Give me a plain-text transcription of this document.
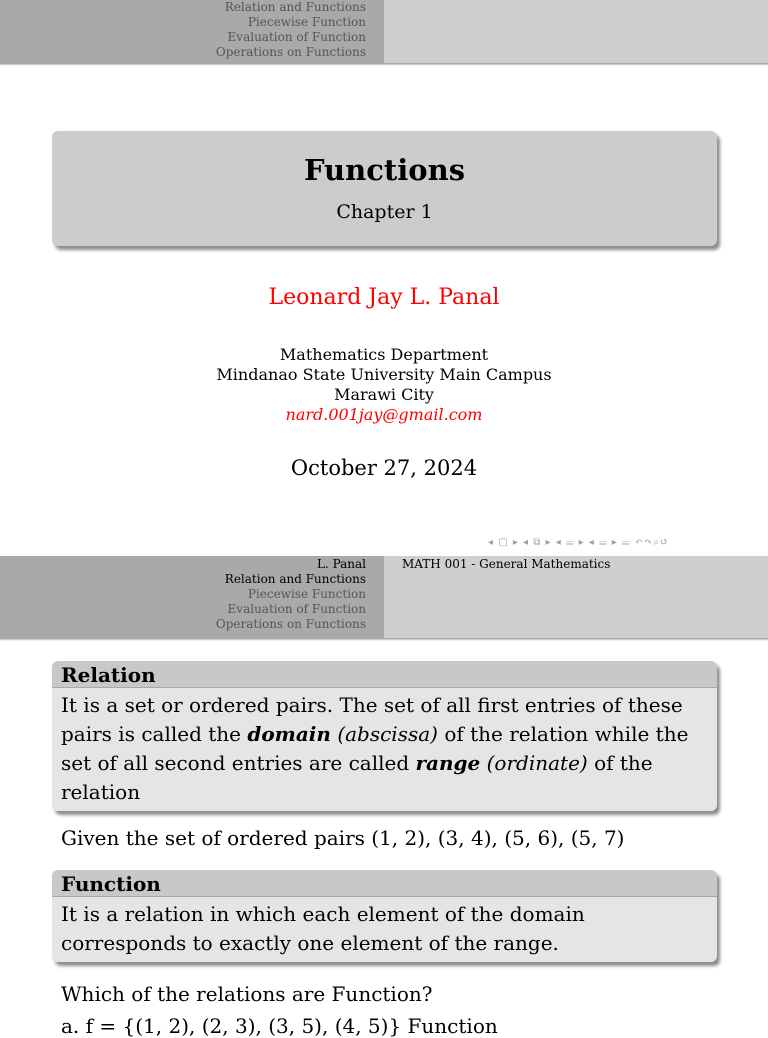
Relation and Functions
Piecewise Function
Evaluation of Function
Operations on Functions
Functions
Chapter 1
Leonard Jay L. Panal
Mathematics Department
Mindanao State University Main Campus
Marawi City
nard.001jay@gmail.com
October 27, 2024
◂ ▢ ▸ ◂ ⧉ ▸ ◂ ☰ ▸ ◂ ☰ ▸ ☰ ↶↷⌕↺
L. Panal
Relation and Functions
Piecewise Function
Evaluation of Function
Operations on Functions
MATH 001 - General Mathematics
Relation
It is a set or ordered pairs. The set of all first entries of these pairs is called the domain (abscissa) of the relation while the set of all second entries are called range (ordinate) of the relation
Given the set of ordered pairs (1, 2), (3, 4), (5, 6), (5, 7)
Function
It is a relation in which each element of the domain corresponds to exactly one element of the range.
Which of the relations are Function?
a. f = {(1, 2), (2, 3), (3, 5), (4, 5)} Function
